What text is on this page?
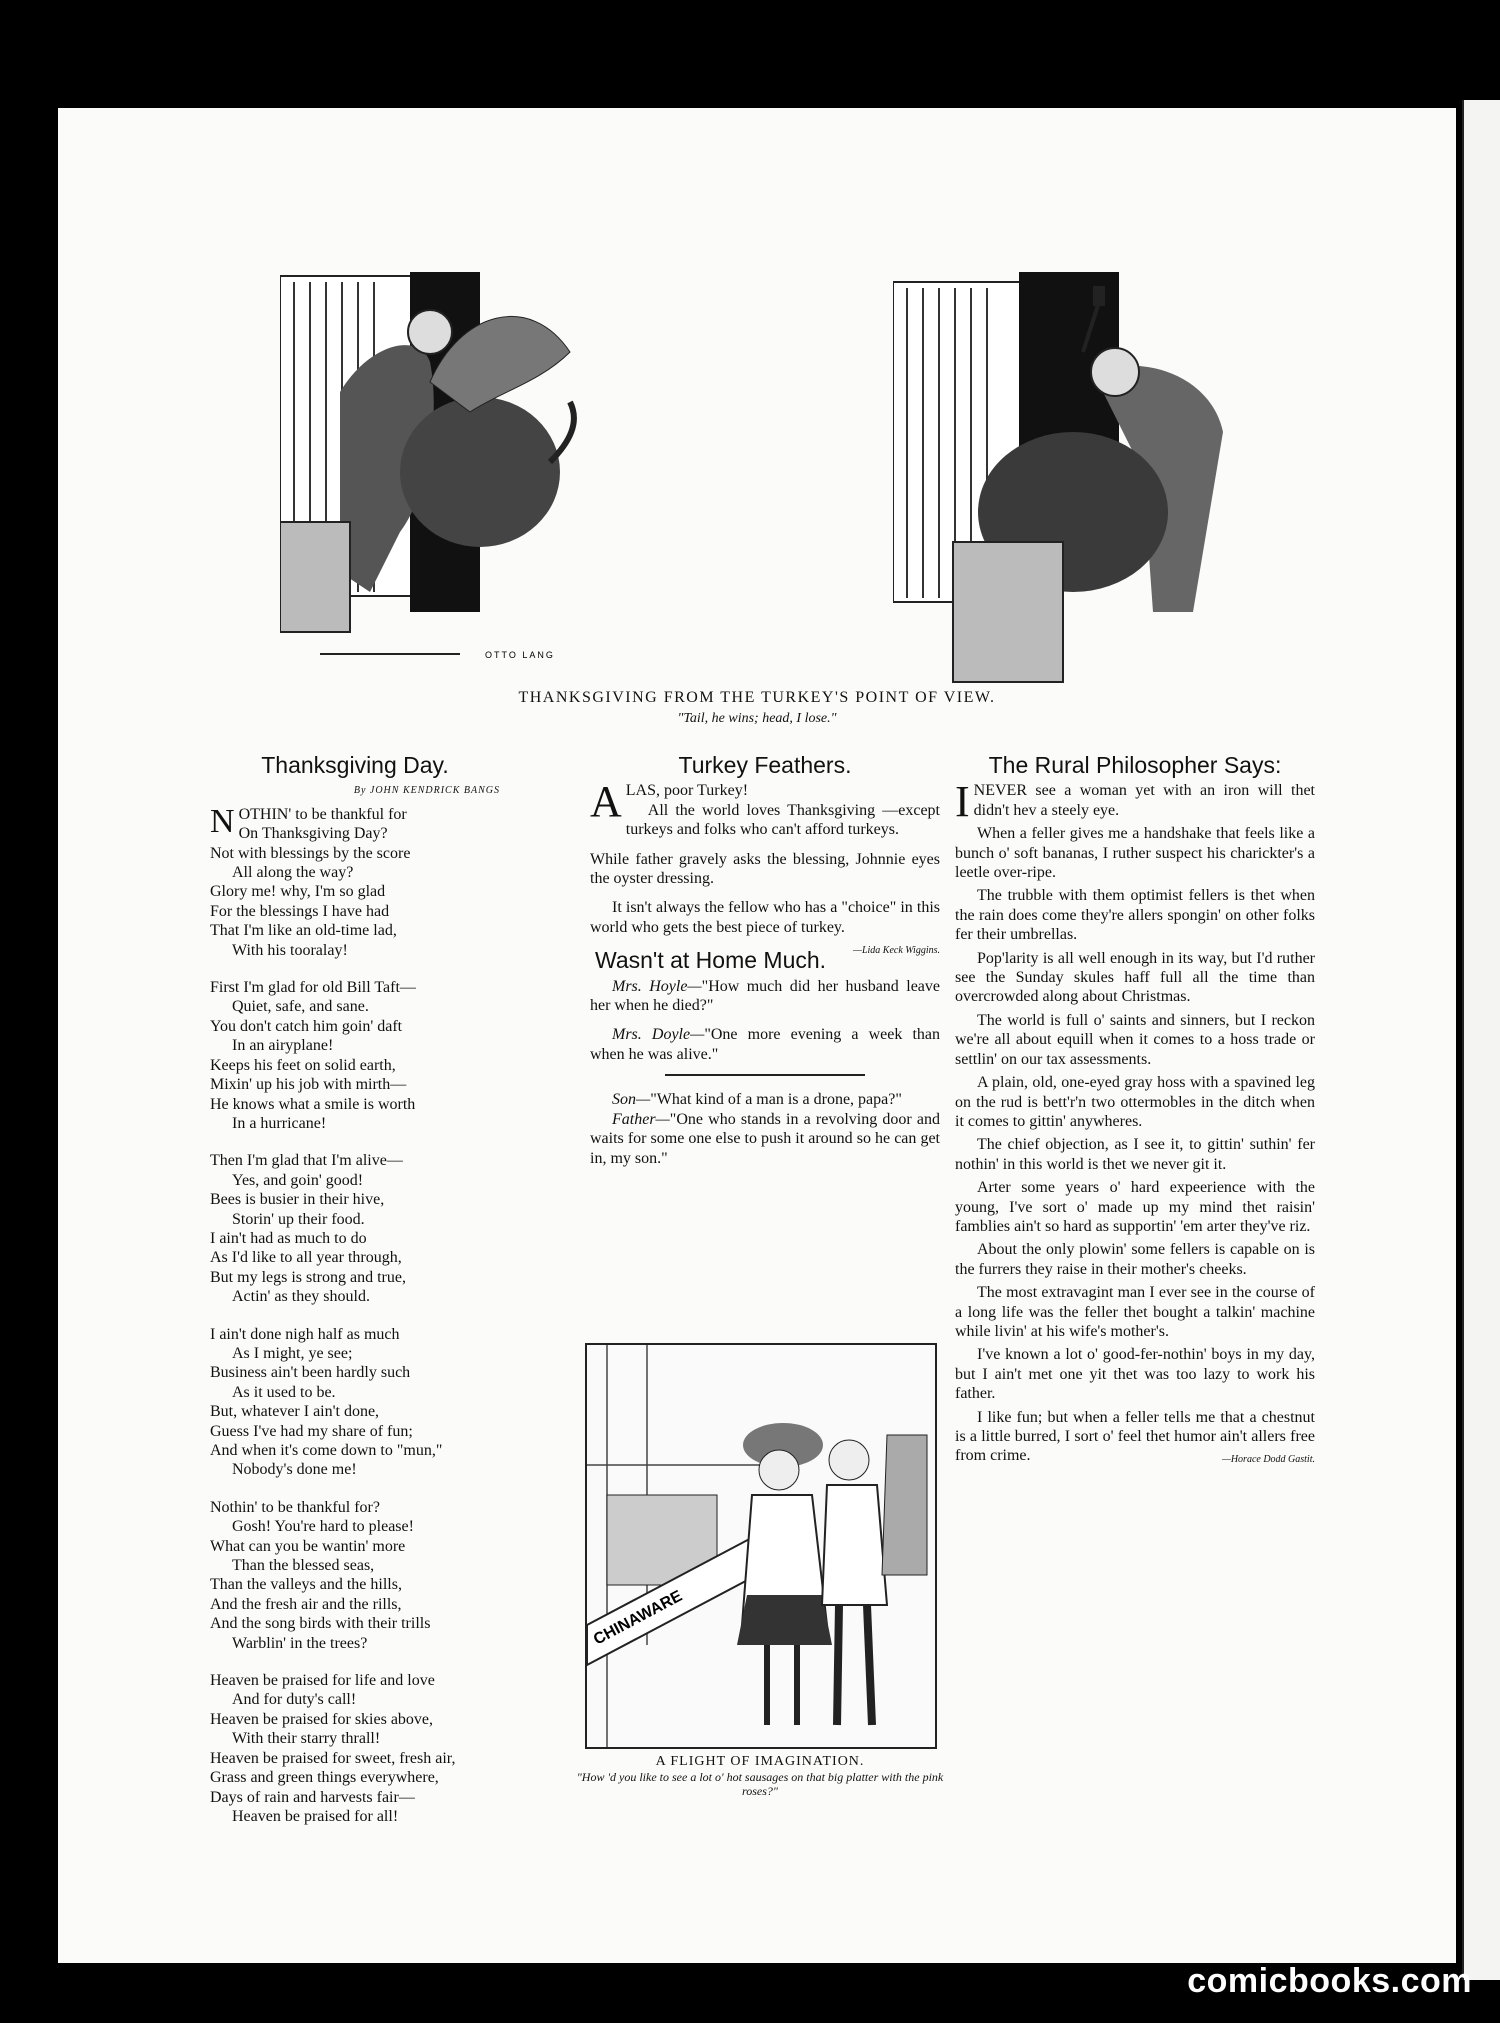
OTTO LANG
THANKSGIVING FROM THE TURKEY'S POINT OF VIEW.
"Tail, he wins; head, I lose."
Thanksgiving Day.
By JOHN KENDRICK BANGS
NOTHIN' to be thankful for
On Thanksgiving Day?
Not with blessings by the score
All along the way?
Glory me! why, I'm so glad
For the blessings I have had
That I'm like an old-time lad,
With his tooralay!
First I'm glad for old Bill Taft—
Quiet, safe, and sane.
You don't catch him goin' daft
In an airyplane!
Keeps his feet on solid earth,
Mixin' up his job with mirth—
He knows what a smile is worth
In a hurricane!
Then I'm glad that I'm alive—
Yes, and goin' good!
Bees is busier in their hive,
Storin' up their food.
I ain't had as much to do
As I'd like to all year through,
But my legs is strong and true,
Actin' as they should.
I ain't done nigh half as much
As I might, ye see;
Business ain't been hardly such
As it used to be.
But, whatever I ain't done,
Guess I've had my share of fun;
And when it's come down to "mun,"
Nobody's done me!
Nothin' to be thankful for?
Gosh! You're hard to please!
What can you be wantin' more
Than the blessed seas,
Than the valleys and the hills,
And the fresh air and the rills,
And the song birds with their trills
Warblin' in the trees?
Heaven be praised for life and love
And for duty's call!
Heaven be praised for skies above,
With their starry thrall!
Heaven be praised for sweet, fresh air,
Grass and green things everywhere,
Days of rain and harvests fair—
Heaven be praised for all!
Turkey Feathers.

ALAS, poor Turkey!

All the world loves Thanksgiving —except turkeys and folks who can't afford turkeys.

While father gravely asks the blessing, Johnnie eyes the oyster dressing.

It isn't always the fellow who has a "choice" in this world who gets the best piece of turkey.
—Lida Keck Wiggins.

Wasn't at Home Much.

Mrs. Hoyle—"How much did her husband leave her when he died?"

Mrs. Doyle—"One more evening a week than when he was alive."

Son—"What kind of a man is a drone, papa?"

Father—"One who stands in a revolving door and waits for some one else to push it around so he can get in, my son."

CHINAWARE
A FLIGHT OF IMAGINATION.
"How 'd you like to see a lot o' hot sausages on that big platter with the pink roses?"
The Rural Philosopher Says:

INEVER see a woman yet with an iron will thet didn't hev a steely eye.

When a feller gives me a handshake that feels like a bunch o' soft bananas, I ruther suspect his charickter's a leetle over-ripe.

The trubble with them optimist fellers is thet when the rain does come they're allers spongin' on other folks fer their umbrellas.

Pop'larity is all well enough in its way, but I'd ruther see the Sunday skules haff full all the time than overcrowded along about Christmas.

The world is full o' saints and sinners, but I reckon we're all about equill when it comes to a hoss trade or settlin' on our tax assessments.

A plain, old, one-eyed gray hoss with a spavined leg on the rud is bett'r'n two ottermobles in the ditch when it comes to gittin' anywheres.

The chief objection, as I see it, to gittin' suthin' fer nothin' in this world is thet we never git it.

Arter some years o' hard expeerience with the young, I've sort o' made up my mind thet raisin' famblies ain't so hard as supportin' 'em arter they've riz.

About the only plowin' some fellers is capable on is the furrers they raise in their mother's cheeks.

The most extravagint man I ever see in the course of a long life was the feller thet bought a talkin' machine while livin' at his wife's mother's.

I've known a lot o' good-fer-nothin' boys in my day, but I ain't met one yit thet was too lazy to work his father.

I like fun; but when a feller tells me that a chestnut is a little burred, I sort o' feel thet humor ain't allers free from crime.	—Horace Dodd Gastit.

comicbooks.com
